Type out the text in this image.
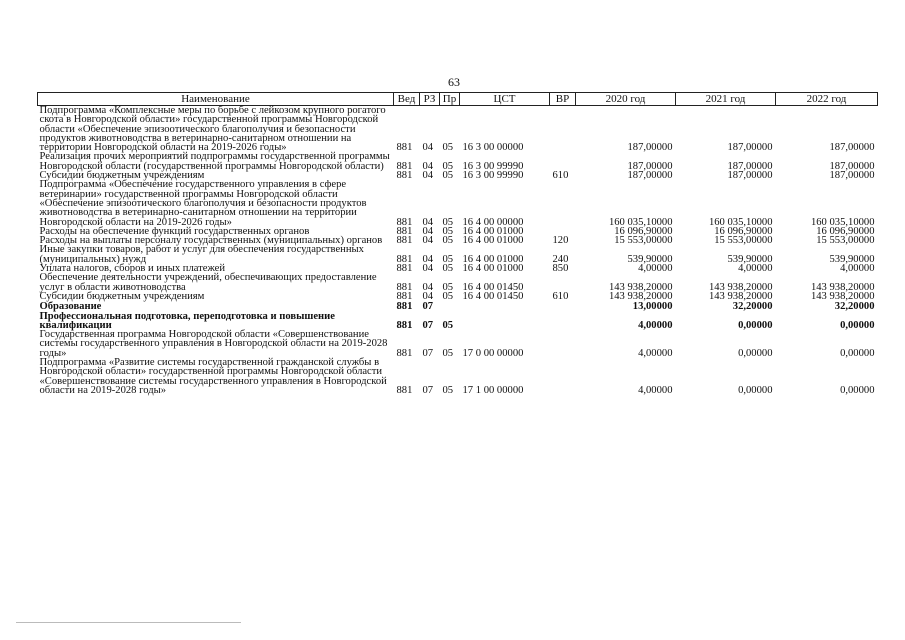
63
Наименование	Вед	РЗ	Пр	ЦСТ	ВР	2020 год	2021 год	2022 год
Подпрограмма «Комплексные меры по борьбе с лейкозом крупного рогатого скота в Новгородской области» государственной программы Новгородской области «Обеспечение эпизоотического благополучия и безопасности продуктов животноводства в ветеринарно-санитарном отношении на территории Новгородской области на 2019-2026 годы»	881	04	05	16 3 00 00000		187,00000	187,00000	187,00000
Реализация прочих мероприятий подпрограммы государственной программы Новгородской области (государственной программы Новгородской области)	881	04	05	16 3 00 99990		187,00000	187,00000	187,00000
Субсидии бюджетным учреждениям	881	04	05	16 3 00 99990	610	187,00000	187,00000	187,00000
Подпрограмма «Обеспечение государственного управления в сфере ветеринарии» государственной программы Новгородской области «Обеспечение эпизоотического благополучия и безопасности продуктов животноводства в ветеринарно-санитарном отношении на территории Новгородской области на 2019-2026 годы»	881	04	05	16 4 00 00000		160 035,10000	160 035,10000	160 035,10000
Расходы на обеспечение функций государственных органов	881	04	05	16 4 00 01000		16 096,90000	16 096,90000	16 096,90000
Расходы на выплаты персоналу государственных (муниципальных) органов	881	04	05	16 4 00 01000	120	15 553,00000	15 553,00000	15 553,00000
Иные закупки товаров, работ и услуг для обеспечения государственных (муниципальных) нужд	881	04	05	16 4 00 01000	240	539,90000	539,90000	539,90000
Уплата налогов, сборов и иных платежей	881	04	05	16 4 00 01000	850	4,00000	4,00000	4,00000
Обеспечение деятельности учреждений, обеспечивающих предоставление услуг в области животноводства	881	04	05	16 4 00 01450		143 938,20000	143 938,20000	143 938,20000
Субсидии бюджетным учреждениям	881	04	05	16 4 00 01450	610	143 938,20000	143 938,20000	143 938,20000
Образование	881	07				13,00000	32,20000	32,20000
Профессиональная подготовка, переподготовка и повышение квалификации	881	07	05			4,00000	0,00000	0,00000
Государственная программа Новгородской области «Совершенствование системы государственного управления в Новгородской области на 2019-2028 годы»	881	07	05	17 0 00 00000		4,00000	0,00000	0,00000
Подпрограмма «Развитие системы государственной гражданской службы в Новгородской области» государственной программы Новгородской области «Совершенствование системы государственного управления в Новгородской области на 2019-2028 годы»	881	07	05	17 1 00 00000		4,00000	0,00000	0,00000
